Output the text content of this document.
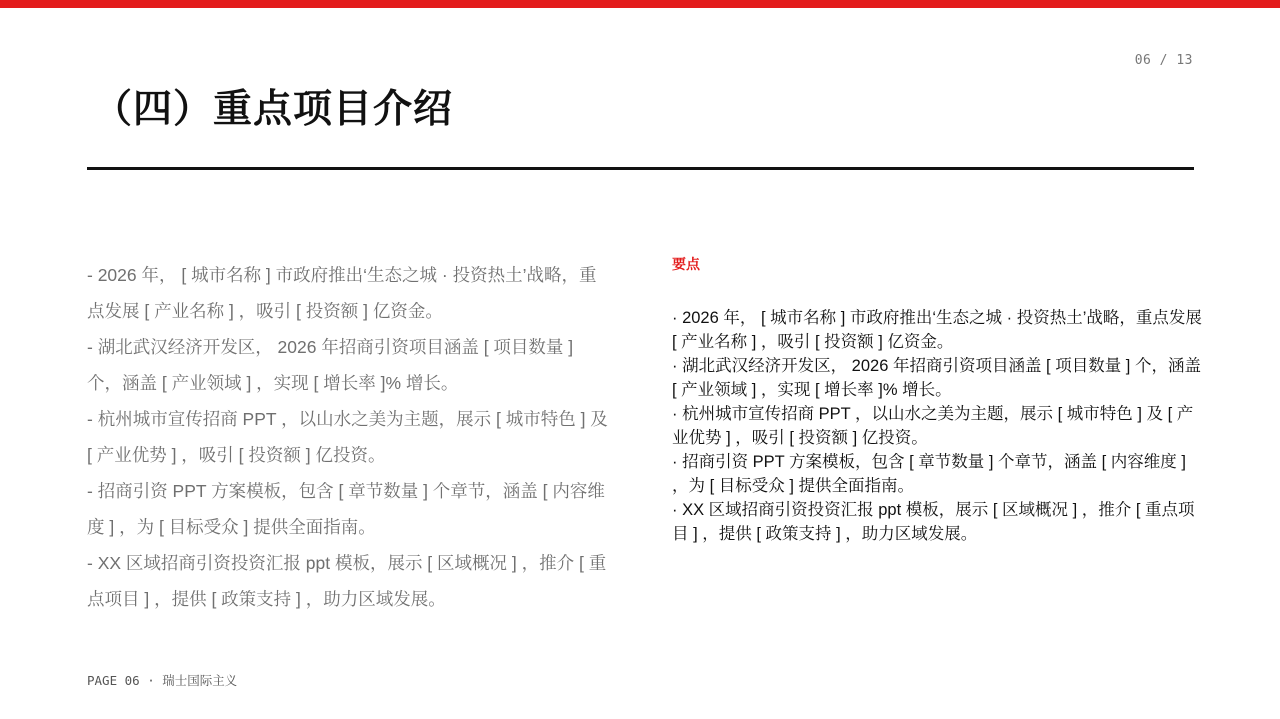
06 / 13
（四）重点项目介绍

- 2026 年， [ 城市名称 ] 市政府推出‘生态之城 · 投资热土’战略，重点发展 [ 产业名称 ] ，吸引 [ 投资额 ] 亿资金。

- 湖北武汉经济开发区， 2026 年招商引资项目涵盖 [ 项目数量 ] 个，涵盖 [ 产业领域 ] ，实现 [ 增长率 ]% 增长。

- 杭州城市宣传招商 PPT ，以山水之美为主题，展示 [ 城市特色 ] 及 [ 产业优势 ] ，吸引 [ 投资额 ] 亿投资。

- 招商引资 PPT 方案模板，包含 [ 章节数量 ] 个章节，涵盖 [ 内容维度 ] ，为 [ 目标受众 ] 提供全面指南。

- XX 区域招商引资投资汇报 ppt 模板，展示 [ 区域概况 ] ，推介 [ 重点项目 ] ，提供 [ 政策支持 ] ，助力区域发展。

要点

· 2026 年， [ 城市名称 ] 市政府推出‘生态之城 · 投资热土’战略，重点发展 [ 产业名称 ] ，吸引 [ 投资额 ] 亿资金。

· 湖北武汉经济开发区， 2026 年招商引资项目涵盖 [ 项目数量 ] 个，涵盖 [ 产业领域 ] ，实现 [ 增长率 ]% 增长。

· 杭州城市宣传招商 PPT ，以山水之美为主题，展示 [ 城市特色 ] 及 [ 产业优势 ] ，吸引 [ 投资额 ] 亿投资。

· 招商引资 PPT 方案模板，包含 [ 章节数量 ] 个章节，涵盖 [ 内容维度 ] ，为 [ 目标受众 ] 提供全面指南。

· XX 区域招商引资投资汇报 ppt 模板，展示 [ 区域概况 ] ，推介 [ 重点项目 ] ，提供 [ 政策支持 ] ，助力区域发展。

PAGE 06 · 瑞士国际主义
